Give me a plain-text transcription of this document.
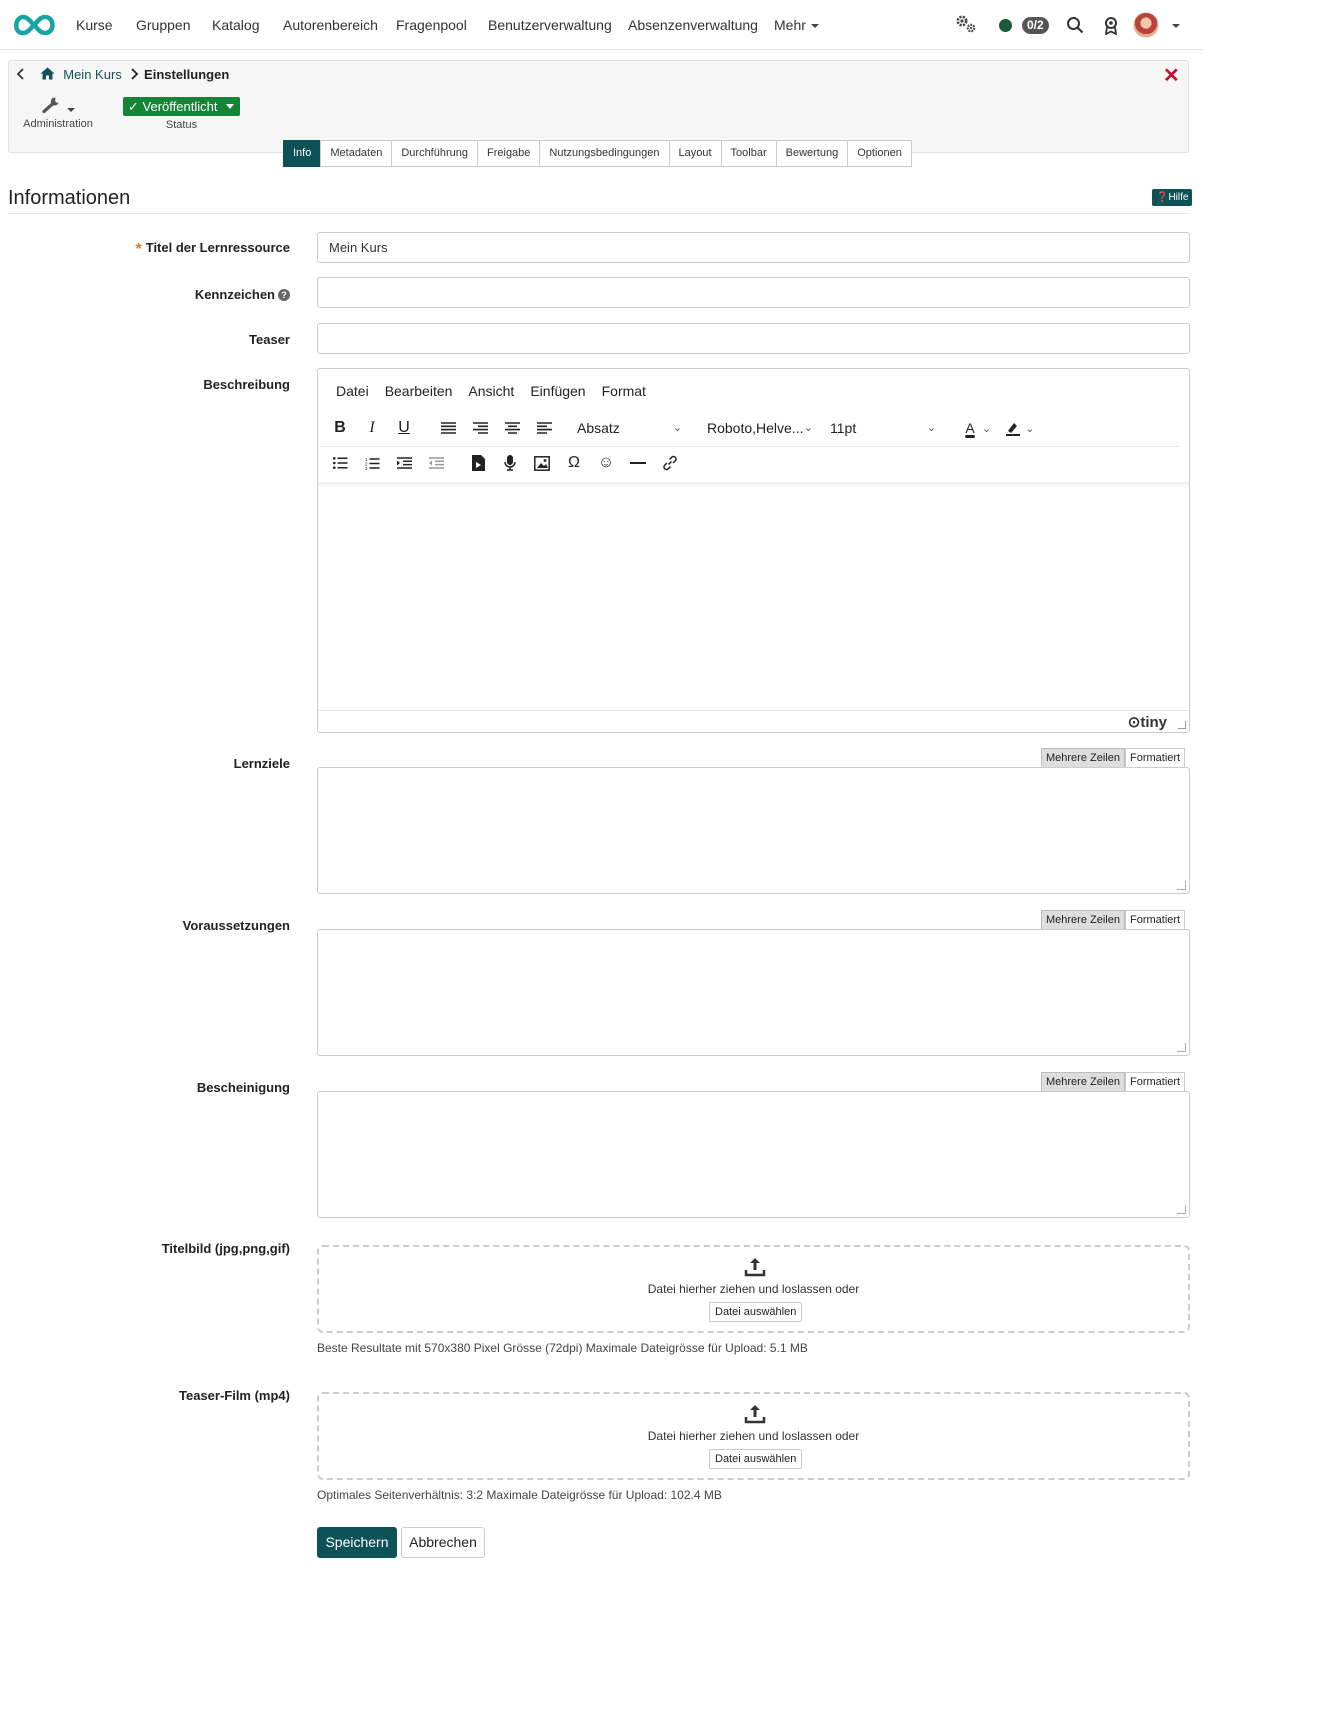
Kurse Gruppen Katalog Autorenbereich Fragenpool Benutzerverwaltung Absenzenverwaltung Mehr	0/2
Mein Kurs Einstellungen	✕

Administration
✓ Veröffentlicht
Status
Info	Metadaten	Durchführung	Freigabe	Nutzungsbedingungen	Layout	Toolbar	Bewertung	Optionen
Informationen	❓Hilfe
* Titel der Lernressource	Mein Kurs
Kennzeichen ?
Teaser
Beschreibung	Datei Bearbeiten Ansicht Einfügen Format
B	I	U	Absatz	⌄	Roboto,Helve... ⌄	11pt	⌄	A ⌄	⌄
1
2
3	Ω	☺
⊙tiny
Lernziele	Mehrere Zeilen Formatiert
Voraussetzungen	Mehrere Zeilen Formatiert
Bescheinigung	Mehrere Zeilen Formatiert
Titelbild (jpg,png,gif)
Datei hierher ziehen und loslassen oder
Datei auswählen
Beste Resultate mit 570x380 Pixel Grösse (72dpi) Maximale Dateigrösse für Upload: 5.1 MB
Teaser-Film (mp4)
Datei hierher ziehen und loslassen oder
Datei auswählen
Optimales Seitenverhältnis: 3:2 Maximale Dateigrösse für Upload: 102.4 MB
Speichern	Abbrechen
